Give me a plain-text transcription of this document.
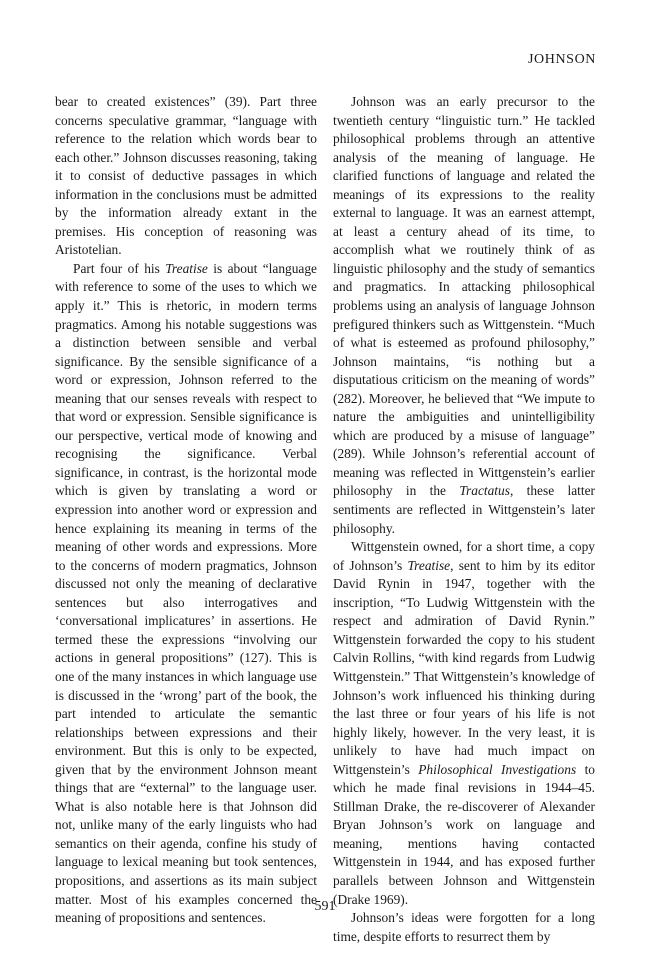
JOHNSON

bear to created existences” (39). Part three concerns speculative grammar, “language with reference to the relation which words bear to each other.” Johnson discusses reasoning, taking it to consist of deductive passages in which information in the conclusions must be admitted by the information already extant in the premises. His conception of reasoning was Aristotelian.

Part four of his Treatise is about “language with reference to some of the uses to which we apply it.” This is rhetoric, in modern terms pragmatics. Among his notable suggestions was a distinction between sensible and verbal significance. By the sensible significance of a word or expression, Johnson referred to the meaning that our senses reveals with respect to that word or expression. Sensible significance is our perspective, vertical mode of knowing and recognising the significance. Verbal significance, in contrast, is the horizontal mode which is given by translating a word or expression into another word or expression and hence explaining its meaning in terms of the meaning of other words and expressions. More to the concerns of modern pragmatics, Johnson discussed not only the meaning of declarative sentences but also interrogatives and ‘conversational implicatures’ in assertions. He termed these the expressions “involving our actions in general propositions” (127). This is one of the many instances in which language use is discussed in the ‘wrong’ part of the book, the part intended to articulate the semantic relationships between expressions and their environment. But this is only to be expected, given that by the environment Johnson meant things that are “external” to the language user. What is also notable here is that Johnson did not, unlike many of the early linguists who had semantics on their agenda, confine his study of language to lexical meaning but took sentences, propositions, and assertions as its main subject matter. Most of his examples concerned the meaning of propositions and sentences.

Johnson was an early precursor to the twentieth century “linguistic turn.” He tackled philosophical problems through an attentive analysis of the meaning of language. He clarified functions of language and related the meanings of its expressions to the reality external to language. It was an earnest attempt, at least a century ahead of its time, to accomplish what we routinely think of as linguistic philosophy and the study of semantics and pragmatics. In attacking philosophical problems using an analysis of language Johnson prefigured thinkers such as Wittgenstein. “Much of what is esteemed as profound philosophy,” Johnson maintains, “is nothing but a disputatious criticism on the meaning of words” (282). Moreover, he believed that “We impute to nature the ambiguities and unintelligibility which are produced by a misuse of language” (289). While Johnson’s referential account of meaning was reflected in Wittgenstein’s earlier philosophy in the Tractatus, these latter sentiments are reflected in Wittgenstein’s later philosophy.

Wittgenstein owned, for a short time, a copy of Johnson’s Treatise, sent to him by its editor David Rynin in 1947, together with the inscription, “To Ludwig Wittgenstein with the respect and admiration of David Rynin.” Wittgenstein forwarded the copy to his student Calvin Rollins, “with kind regards from Ludwig Wittgenstein.” That Wittgenstein’s knowledge of Johnson’s work influenced his thinking during the last three or four years of his life is not highly likely, however. In the very least, it is unlikely to have had much impact on Wittgenstein’s Philosophical Investigations to which he made final revisions in 1944–45. Stillman Drake, the re-discoverer of Alexander Bryan Johnson’s work on language and meaning, mentions having contacted Wittgenstein in 1944, and has exposed further parallels between Johnson and Wittgenstein (Drake 1969).

Johnson’s ideas were forgotten for a long time, despite efforts to resurrect them by

591
